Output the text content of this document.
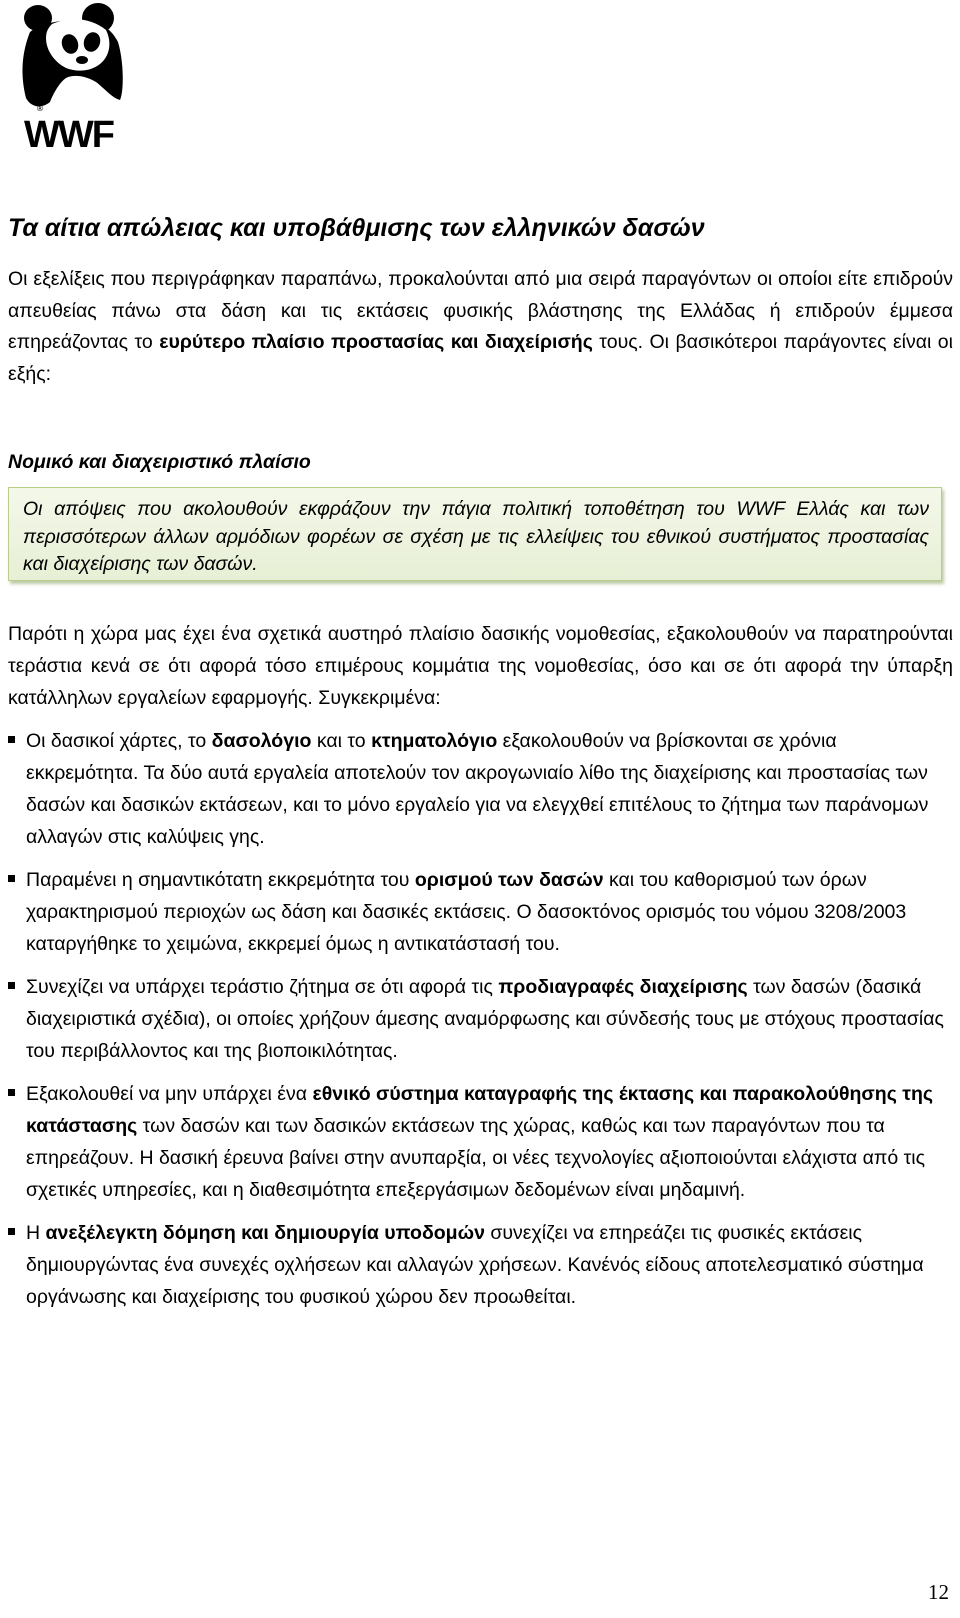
®
WWF
Τα αίτια απώλειας και υποβάθμισης των ελληνικών δασών

Οι εξελίξεις που περιγράφηκαν παραπάνω, προκαλούνται από μια σειρά παραγόντων οι οποίοι είτε επιδρούν απευθείας πάνω στα δάση και τις εκτάσεις φυσικής βλάστησης της Ελλάδας ή επιδρούν έμμεσα επηρεάζοντας το ευρύτερο πλαίσιο προστασίας και διαχείρισής τους. Οι βασικότεροι παράγοντες είναι οι εξής:

Νομικό και διαχειριστικό πλαίσιο
Οι απόψεις που ακολουθούν εκφράζουν την πάγια πολιτική τοποθέτηση του WWF Ελλάς και των περισσότερων άλλων αρμόδιων φορέων σε σχέση με τις ελλείψεις του εθνικού συστήματος προστασίας και διαχείρισης των δασών.

Παρότι η χώρα μας έχει ένα σχετικά αυστηρό πλαίσιο δασικής νομοθεσίας, εξακολουθούν να παρατηρούνται τεράστια κενά σε ότι αφορά τόσο επιμέρους κομμάτια της νομοθεσίας, όσο και σε ότι αφορά την ύπαρξη κατάλληλων εργαλείων εφαρμογής. Συγκεκριμένα:

Οι δασικοί χάρτες, το δασολόγιο και το κτηματολόγιο εξακολουθούν να βρίσκονται σε χρόνια εκκρεμότητα. Τα δύο αυτά εργαλεία αποτελούν τον ακρογωνιαίο λίθο της διαχείρισης και προστασίας των δασών και δασικών εκτάσεων, και το μόνο εργαλείο για να ελεγχθεί επιτέλους το ζήτημα των παράνομων αλλαγών στις καλύψεις γης.
Παραμένει η σημαντικότατη εκκρεμότητα του ορισμού των δασών και του καθορισμού των όρων χαρακτηρισμού περιοχών ως δάση και δασικές εκτάσεις. Ο δασοκτόνος ορισμός του νόμου 3208/2003 καταργήθηκε το χειμώνα, εκκρεμεί όμως η αντικατάστασή του.
Συνεχίζει να υπάρχει τεράστιο ζήτημα σε ότι αφορά τις προδιαγραφές διαχείρισης των δασών (δασικά διαχειριστικά σχέδια), οι οποίες χρήζουν άμεσης αναμόρφωσης και σύνδεσής τους με στόχους προστασίας του περιβάλλοντος και της βιοποικιλότητας.
Εξακολουθεί να μην υπάρχει ένα εθνικό σύστημα καταγραφής της έκτασης και παρακολούθησης της κατάστασης των δασών και των δασικών εκτάσεων της χώρας, καθώς και των παραγόντων που τα επηρεάζουν. Η δασική έρευνα βαίνει στην ανυπαρξία, οι νέες τεχνολογίες αξιοποιούνται ελάχιστα από τις σχετικές υπηρεσίες, και η διαθεσιμότητα επεξεργάσιμων δεδομένων είναι μηδαμινή.
Η ανεξέλεγκτη δόμηση και δημιουργία υποδομών συνεχίζει να επηρεάζει τις φυσικές εκτάσεις δημιουργώντας ένα συνεχές οχλήσεων και αλλαγών χρήσεων. Κανένός είδους αποτελεσματικό σύστημα οργάνωσης και διαχείρισης του φυσικού χώρου δεν προωθείται.
12
